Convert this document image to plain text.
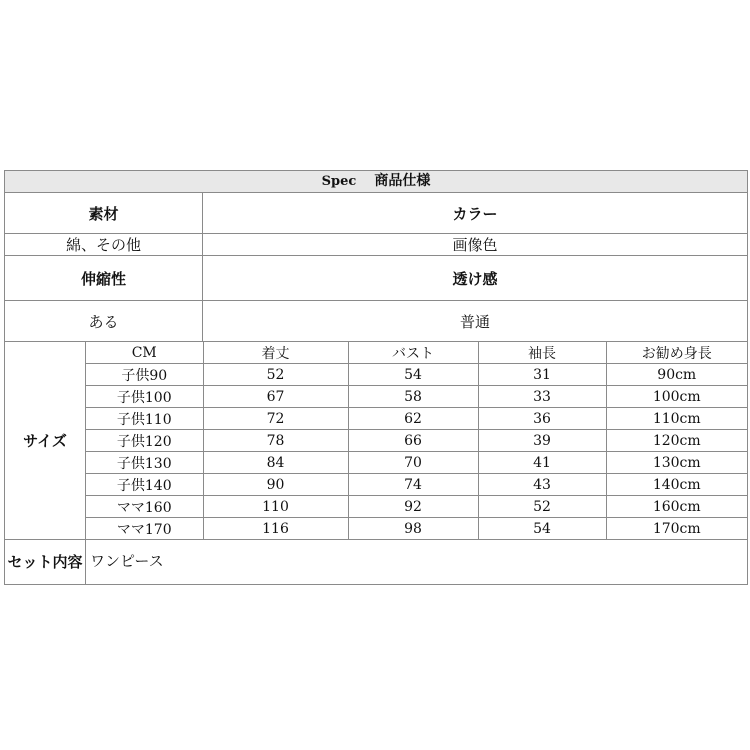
Spec 商品仕様
素材	カラー
綿、その他	画像色
伸縮性	透け感
ある	普通
サイズ
CM	着丈	バスト	袖長	お勧め身長
子供90	52	54	31	90cm
子供100	67	58	33	100cm
子供110	72	62	36	110cm
子供120	78	66	39	120cm
子供130	84	70	41	130cm
子供140	90	74	43	140cm
ママ160	110	92	52	160cm
ママ170	116	98	54	170cm
セット内容 ワンピース
